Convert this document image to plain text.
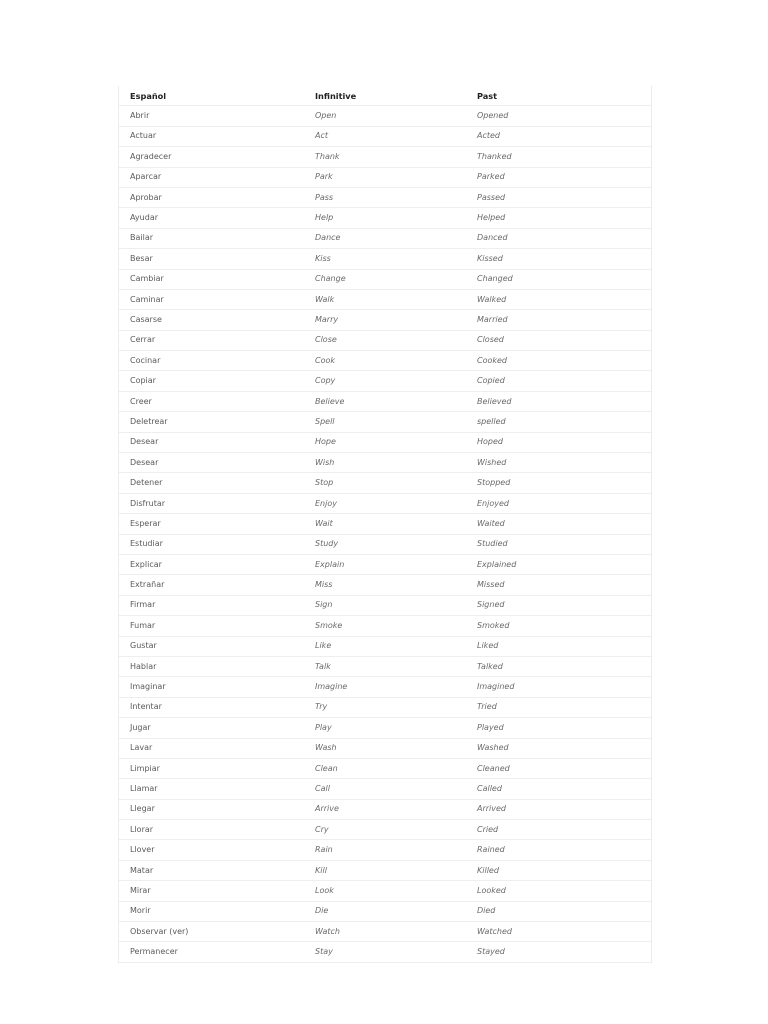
Español	Infinitive	Past
Abrir	Open	Opened
Actuar	Act	Acted
Agradecer	Thank	Thanked
Aparcar	Park	Parked
Aprobar	Pass	Passed
Ayudar	Help	Helped
Bailar	Dance	Danced
Besar	Kiss	Kissed
Cambiar	Change	Changed
Caminar	Walk	Walked
Casarse	Marry	Married
Cerrar	Close	Closed
Cocinar	Cook	Cooked
Copiar	Copy	Copied
Creer	Believe	Believed
Deletrear	Spell	spelled
Desear	Hope	Hoped
Desear	Wish	Wished
Detener	Stop	Stopped
Disfrutar	Enjoy	Enjoyed
Esperar	Wait	Waited
Estudiar	Study	Studied
Explicar	Explain	Explained
Extrañar	Miss	Missed
Firmar	Sign	Signed
Fumar	Smoke	Smoked
Gustar	Like	Liked
Hablar	Talk	Talked
Imaginar	Imagine	Imagined
Intentar	Try	Tried
Jugar	Play	Played
Lavar	Wash	Washed
Limpiar	Clean	Cleaned
Llamar	Call	Called
Llegar	Arrive	Arrived
Llorar	Cry	Cried
Llover	Rain	Rained
Matar	Kill	Killed
Mirar	Look	Looked
Morir	Die	Died
Observar (ver)	Watch	Watched
Permanecer	Stay	Stayed
